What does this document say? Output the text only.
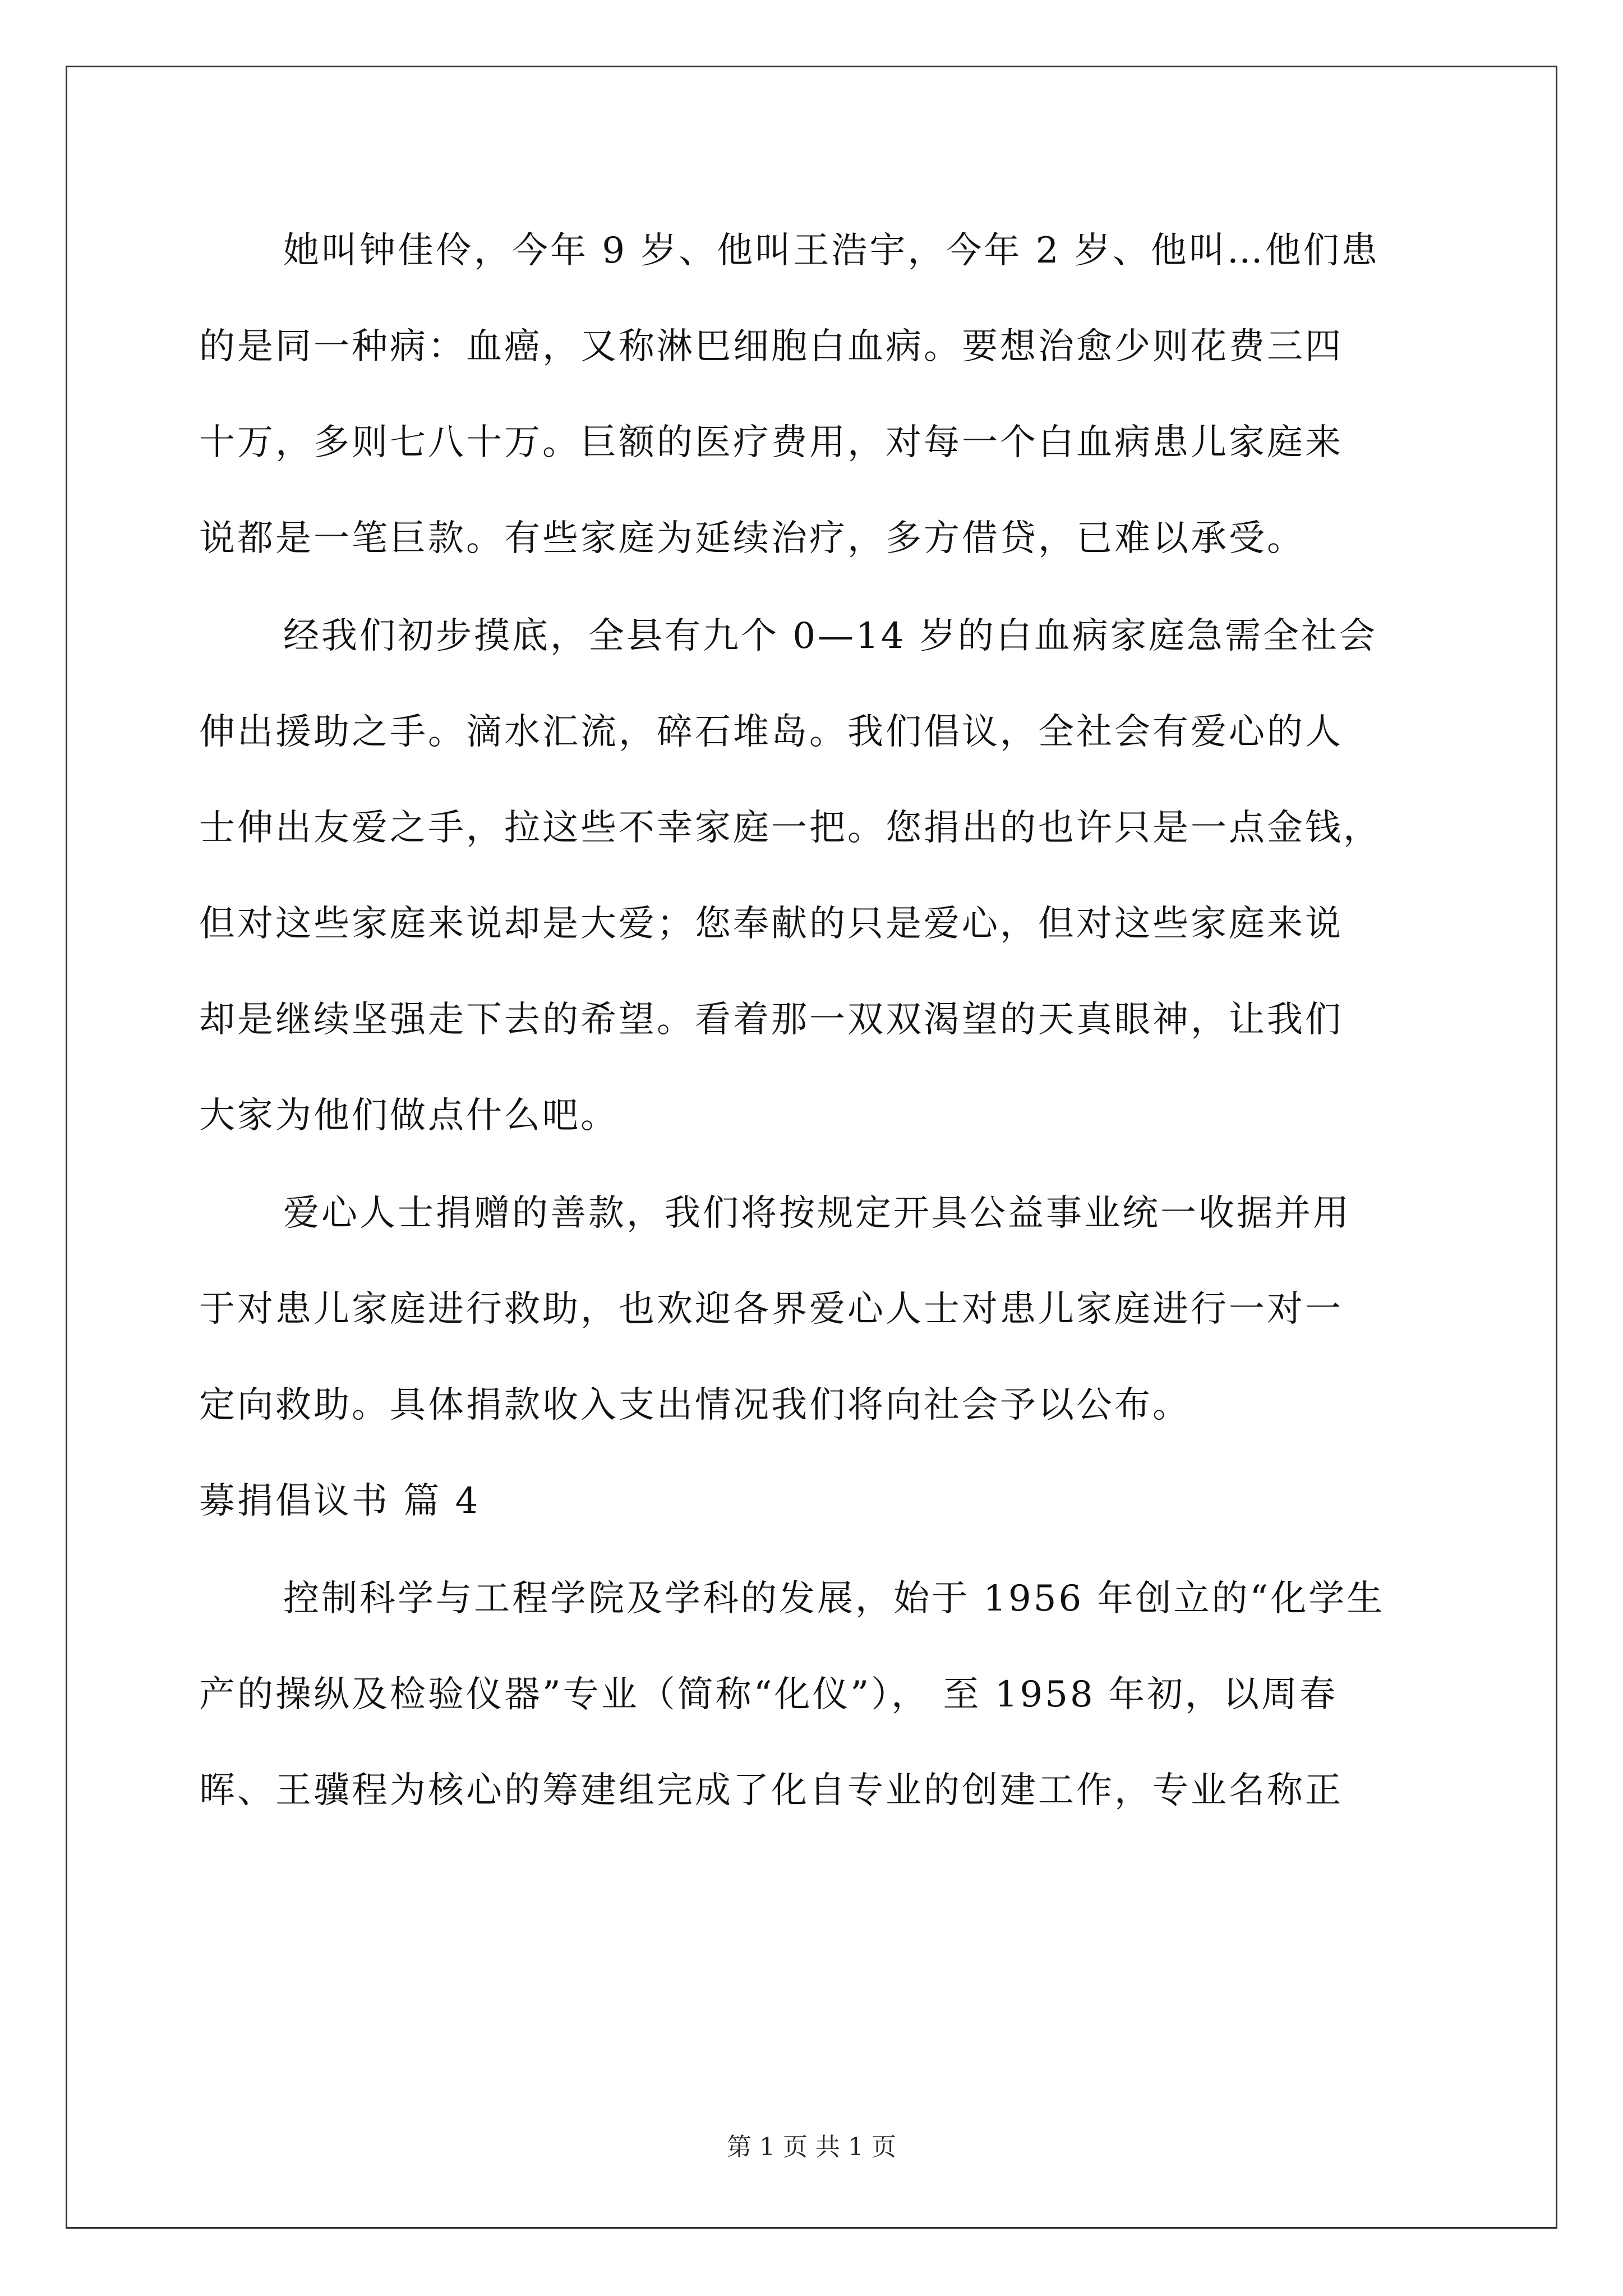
她叫钟佳伶，今年 9 岁、他叫王浩宇，今年 2 岁、他叫…他们患
的是同一种病：血癌，又称淋巴细胞白血病。要想治愈少则花费三四
十万，多则七八十万。巨额的医疗费用，对每一个白血病患儿家庭来
说都是一笔巨款。有些家庭为延续治疗，多方借贷，已难以承受。
经我们初步摸底，全县有九个 0—14 岁的白血病家庭急需全社会
伸出援助之手。滴水汇流，碎石堆岛。我们倡议，全社会有爱心的人
士伸出友爱之手，拉这些不幸家庭一把。您捐出的也许只是一点金钱，
但对这些家庭来说却是大爱；您奉献的只是爱心，但对这些家庭来说
却是继续坚强走下去的希望。看着那一双双渴望的天真眼神，让我们
大家为他们做点什么吧。
爱心人士捐赠的善款，我们将按规定开具公益事业统一收据并用
于对患儿家庭进行救助，也欢迎各界爱心人士对患儿家庭进行一对一
定向救助。具体捐款收入支出情况我们将向社会予以公布。
募捐倡议书 篇 4
控制科学与工程学院及学科的发展，始于 1956 年创立的“化学生
产的操纵及检验仪器”专业（简称“化仪”）， 至 1958 年初，以周春
晖、王骥程为核心的筹建组完成了化自专业的创建工作，专业名称正
第 1 页 共 1 页
